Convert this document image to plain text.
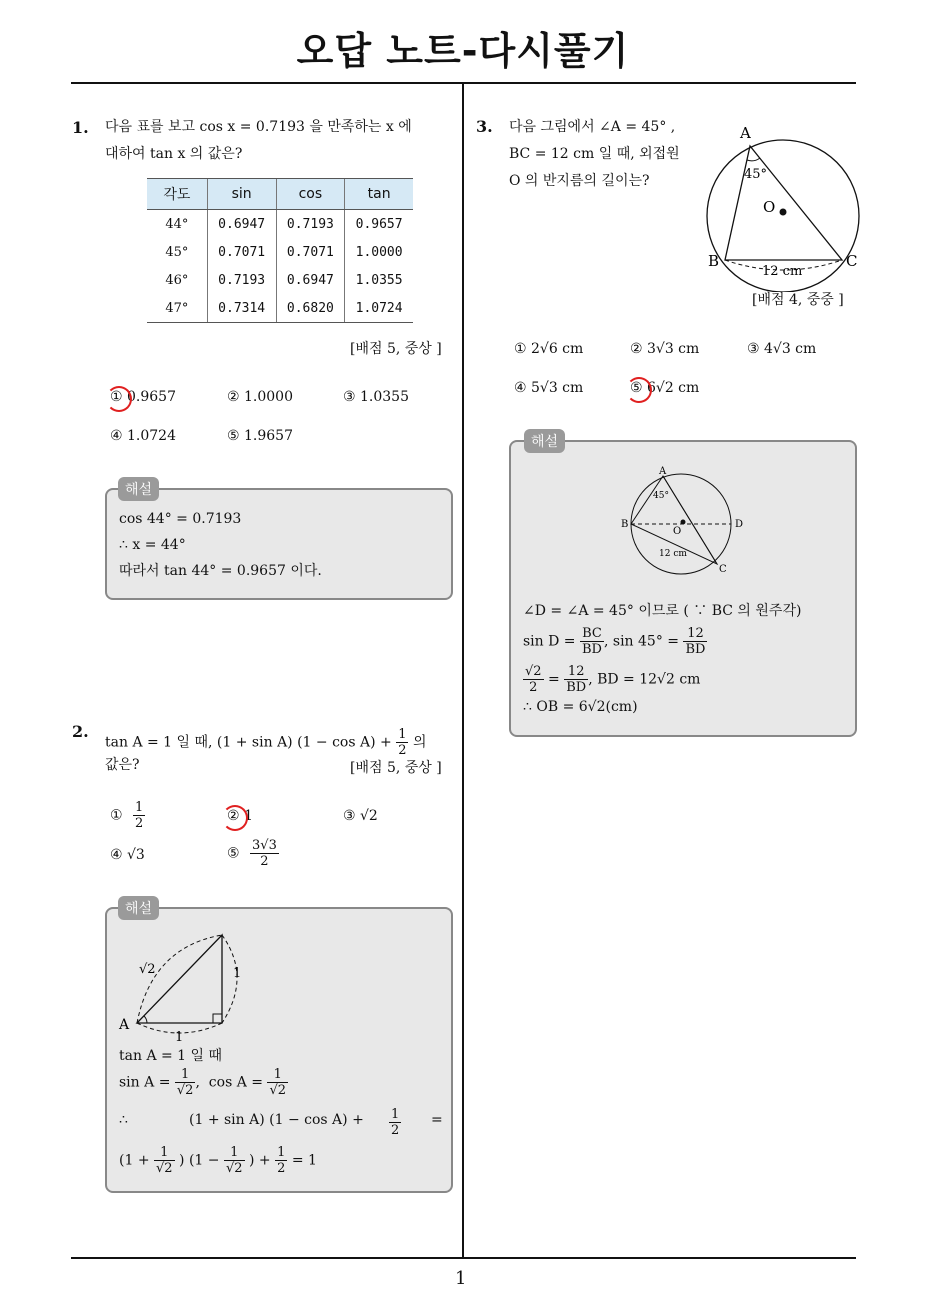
오답 노트-다시풀기
1
1. 다음 표를 보고 cos x = 0.7193 을 만족하는 x 에
대하여 tan x 의 값은?
각도	sin	cos	tan
44°	0.6947	0.7193	0.9657
45°	0.7071	0.7071	1.0000
46°	0.7193	0.6947	1.0355
47°	0.7314	0.6820	1.0724
[배점 5, 중상 ]
① 0.9657	② 1.0000	③ 1.0355
④ 1.0724	⑤ 1.9657
cos 44° = 0.7193
∴ x = 44°
따라서 tan 44° = 0.9657 이다.
해설
2.
tan A = 1 일 때, (1 + sin A) $(1 - \cos A) + \frac{1}{2}$ 의
값은?	[배점 5, 중상 ]
① $\frac{1}{2}$	② 1	③ √2
④ √3	⑤ $\frac{3√3}{2}$
√2	1
1
A
tan A = 1 일 때
$\sin A = \frac{1}{√2}$ ,  $\cos A = \frac{1}{√2}$
∴	(1 + sin A) $(1 - \cos A) + \frac{1}{2}$ =
($1 + \frac{1}{√2}$ ) ($1 - \frac{1}{√2}$ ) + $\frac{1}{2} = 1$
해설
3. 다음 그림에서 ∠A = 45° ,
BC = 12 cm 일 때, 외접원
O 의 반지름의 길이는?
A
B	C
O
45°
12 cm
[배점 4, 중중 ]
① 2√6 cm	② 3√3 cm	③ 4√3 cm
④ 5√3 cm	⑤ 6√2 cm
A
B
C
D
O
45°
12 cm
∠D = ∠A = 45° 이므로 ( ∵ BC 의 원주각)
$\sin D = \frac{BC}{BD}$ , $\sin 45^\circ = \frac{12}{BD}$
$\frac{√2}{2} = \frac{12}{BD}$ , BD = 12√2 cm
∴ OB = 6√2(cm)
해설
